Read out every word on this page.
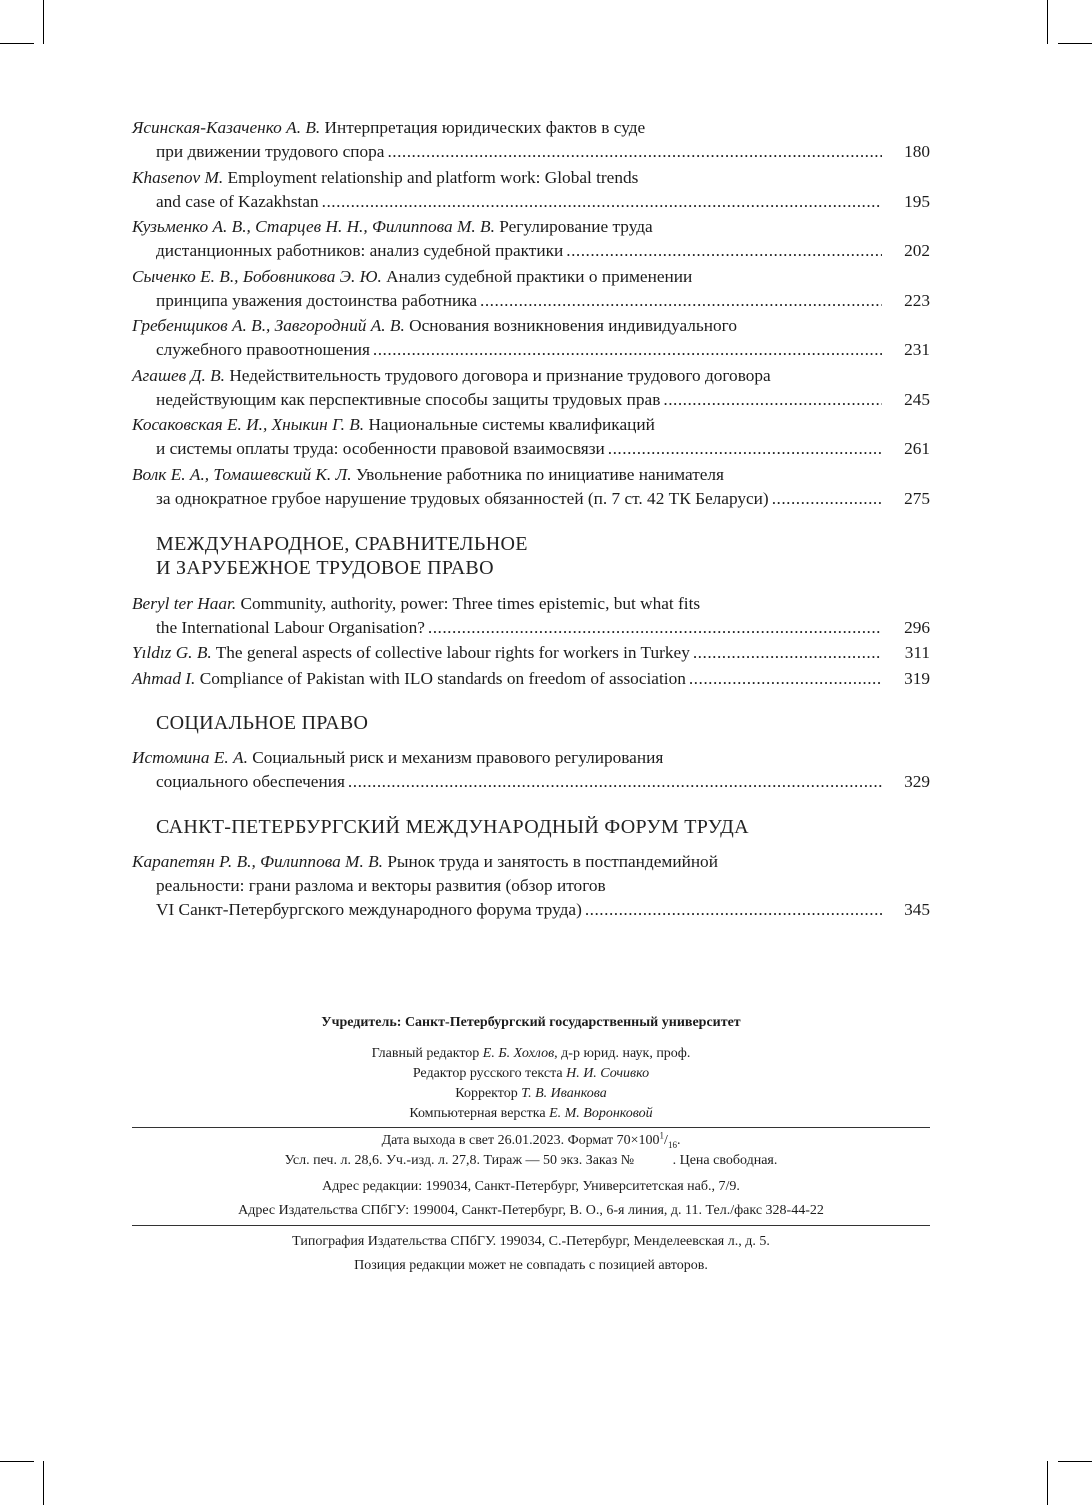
Ясинская-Казаченко А. В. Интерпретация юридических фактов в суде
при движении трудового спора .....	180
Khasenov M. Employment relationship and platform work: Global trends
and case of Kazakhstan .....	195
Кузьменко А. В., Старцев Н. Н., Филиппова М. В. Регулирование труда
дистанционных работников: анализ судебной практики .....	202
Сыченко Е. В., Бобовникова Э. Ю. Анализ судебной практики о применении
принципа уважения достоинства работника .....	223
Гребенщиков А. В., Завгородний А. В. Основания возникновения индивидуального
служебного правоотношения .....	231
Агашев Д. В. Недействительность трудового договора и признание трудового договора
недействующим как перспективные способы защиты трудовых прав .....	245
Косаковская Е. И., Хныкин Г. В. Национальные системы квалификаций
и системы оплаты труда: особенности правовой взаимосвязи .....	261
Волк Е. А., Томашевский К. Л. Увольнение работника по инициативе нанимателя
за однократное грубое нарушение трудовых обязанностей (п. 7 ст. 42 ТК Беларуси) .....	275
МЕЖДУНАРОДНОЕ, СРАВНИТЕЛЬНОЕ
И ЗАРУБЕЖНОЕ ТРУДОВОЕ ПРАВО
Beryl ter Haar. Community, authority, power: Three times epistemic, but what fits
the International Labour Organisation? .....	296
Yıldız G. B. The general aspects of collective labour rights for workers in Turkey .....	311
Ahmad I. Compliance of Pakistan with ILO standards on freedom of association .....	319
СОЦИАЛЬНОЕ ПРАВО
Истомина Е. А. Социальный риск и механизм правового регулирования
социального обеспечения .....	329
САНКТ-ПЕТЕРБУРГСКИЙ МЕЖДУНАРОДНЫЙ ФОРУМ ТРУДА
Карапетян Р. В., Филиппова М. В. Рынок труда и занятость в постпандемийной
реальности: грани разлома и векторы развития (обзор итогов
VI Санкт-Петербургского международного форума труда) .....	345
Учредитель: Санкт-Петербургский государственный университет
Главный редактор Е. Б. Хохлов, д-р юрид. наук, проф.
Редактор русского текста Н. И. Сочивко
Корректор Т. В. Иванкова
Компьютерная верстка Е. М. Воронковой
Дата выхода в свет 26.01.2023. Формат $70\times 100^1/_{16}$.
Усл. печ. л. 28,6. Уч.-изд. л. 27,8. Тираж — 50 экз. Заказ №           . Цена свободная.
Адрес редакции: 199034, Санкт-Петербург, Университетская наб., 7/9.
Адрес Издательства СПбГУ: 199004, Санкт-Петербург, В. О., 6-я линия, д. 11. Тел./факс 328-44-22
Типография Издательства СПбГУ. 199034, С.-Петербург, Менделеевская л., д. 5.
Позиция редакции может не совпадать с позицией авторов.
